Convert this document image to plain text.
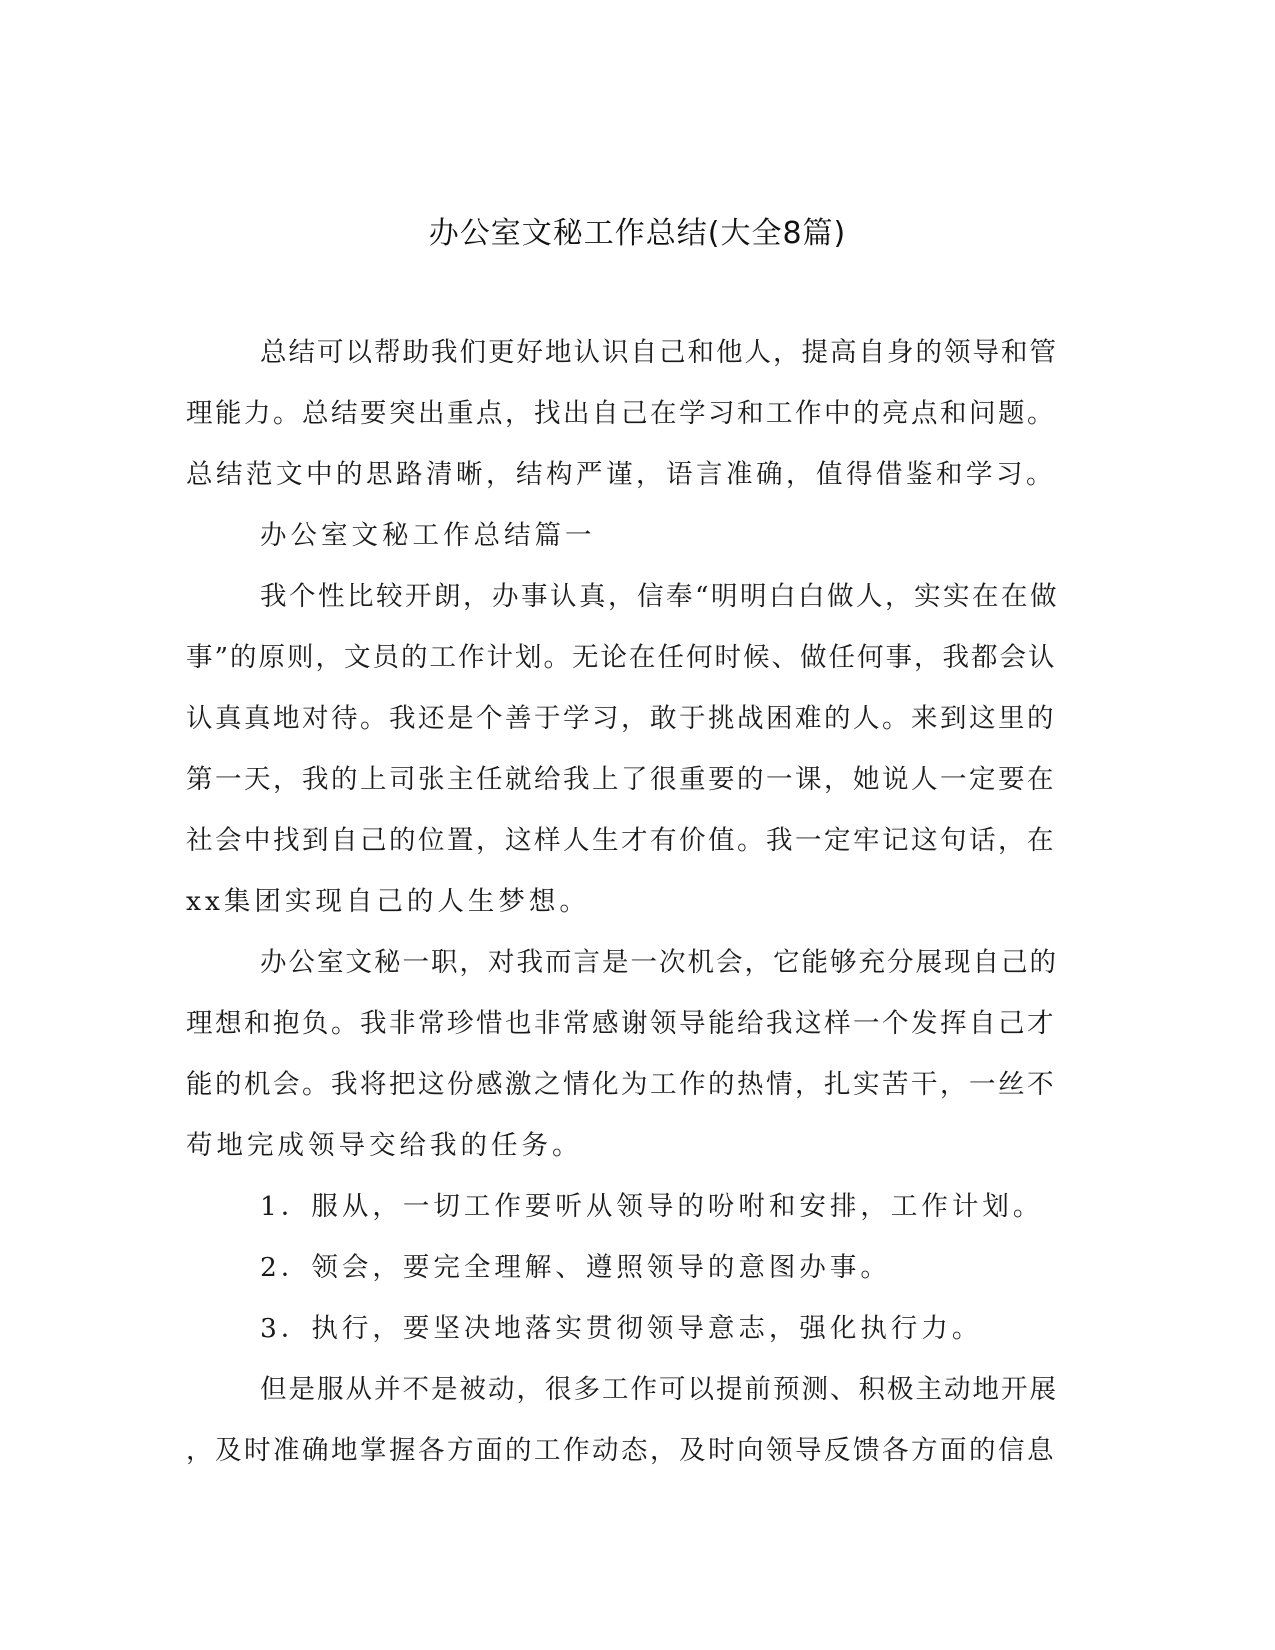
办公室文秘工作总结(大全8篇)

总结可以帮助我们更好地认识自己和他人，提高自身的领导和管

理能力。总结要突出重点，找出自己在学习和工作中的亮点和问题。

总结范文中的思路清晰，结构严谨，语言准确，值得借鉴和学习。

办公室文秘工作总结篇一

我个性比较开朗，办事认真，信奉“明明白白做人，实实在在做

事”的原则，文员的工作计划。无论在任何时候、做任何事，我都会认

认真真地对待。我还是个善于学习，敢于挑战困难的人。来到这里的

第一天，我的上司张主任就给我上了很重要的一课，她说人一定要在

社会中找到自己的位置，这样人生才有价值。我一定牢记这句话，在

xx集团实现自己的人生梦想。

办公室文秘一职，对我而言是一次机会，它能够充分展现自己的

理想和抱负。我非常珍惜也非常感谢领导能给我这样一个发挥自己才

能的机会。我将把这份感激之情化为工作的热情，扎实苦干，一丝不

苟地完成领导交给我的任务。

1．服从，一切工作要听从领导的吩咐和安排，工作计划。

2．领会，要完全理解、遵照领导的意图办事。

3．执行，要坚决地落实贯彻领导意志，强化执行力。

但是服从并不是被动，很多工作可以提前预测、积极主动地开展

，及时准确地掌握各方面的工作动态，及时向领导反馈各方面的信息
